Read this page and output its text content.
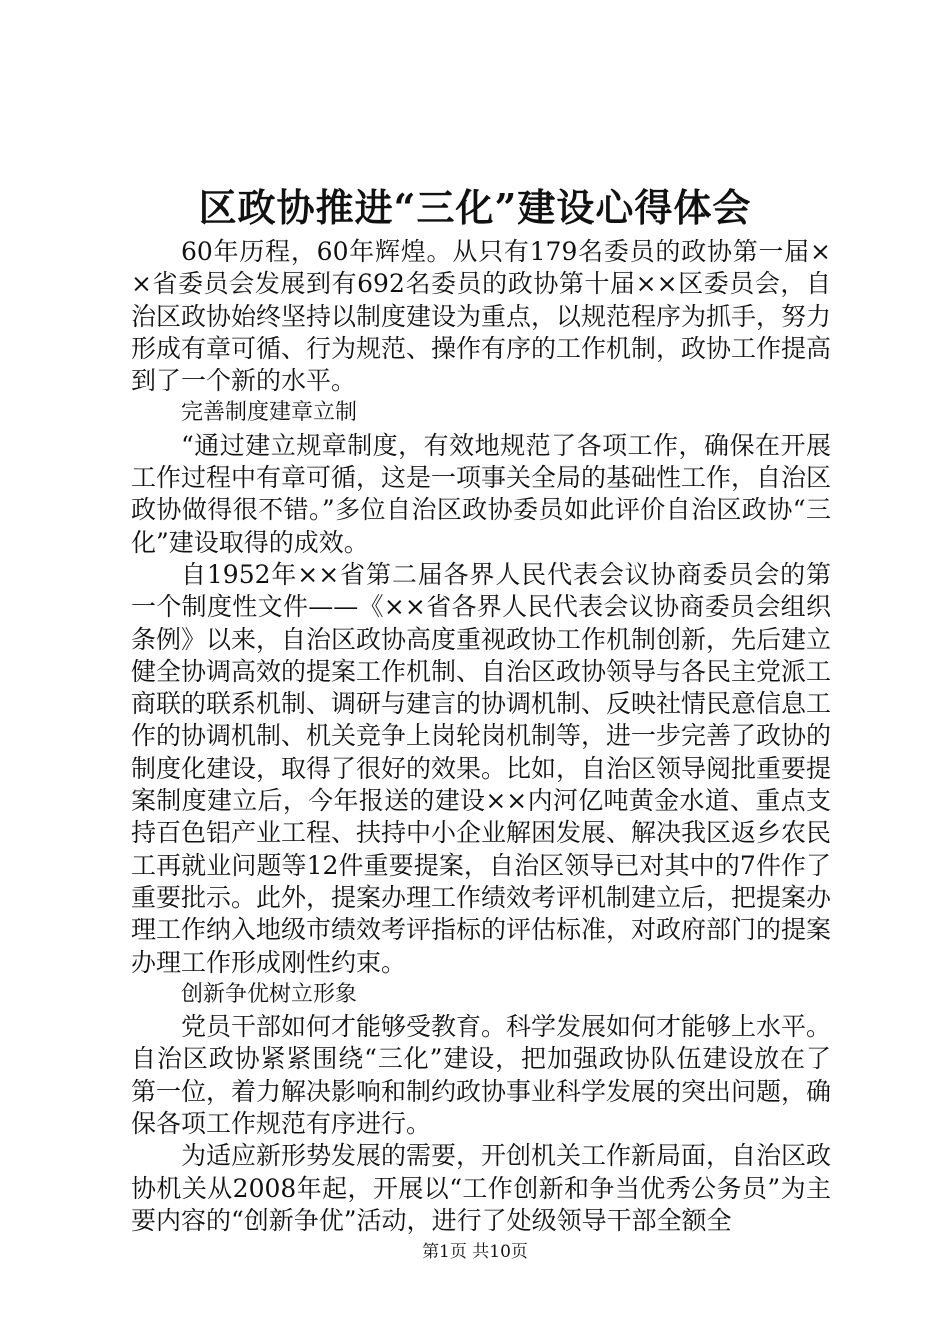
区政协推进“三化”建设心得体会

60年历程，60年辉煌。从只有179名委员的政协第一届××省委员会发展到有692名委员的政协第十届××区委员会，自治区政协始终坚持以制度建设为重点，以规范程序为抓手，努力形成有章可循、行为规范、操作有序的工作机制，政协工作提高到了一个新的水平。

完善制度建章立制

“通过建立规章制度，有效地规范了各项工作，确保在开展工作过程中有章可循，这是一项事关全局的基础性工作，自治区政协做得很不错。”多位自治区政协委员如此评价自治区政协“三化”建设取得的成效。

自1952年××省第二届各界人民代表会议协商委员会的第一个制度性文件——《××省各界人民代表会议协商委员会组织条例》以来，自治区政协高度重视政协工作机制创新，先后建立健全协调高效的提案工作机制、自治区政协领导与各民主党派工商联的联系机制、调研与建言的协调机制、反映社情民意信息工作的协调机制、机关竞争上岗轮岗机制等，进一步完善了政协的制度化建设，取得了很好的效果。比如，自治区领导阅批重要提案制度建立后，今年报送的建设××内河亿吨黄金水道、重点支持百色铝产业工程、扶持中小企业解困发展、解决我区返乡农民工再就业问题等12件重要提案，自治区领导已对其中的7件作了重要批示。此外，提案办理工作绩效考评机制建立后，把提案办理工作纳入地级市绩效考评指标的评估标准，对政府部门的提案办理工作形成刚性约束。

创新争优树立形象

党员干部如何才能够受教育。科学发展如何才能够上水平。自治区政协紧紧围绕“三化”建设，把加强政协队伍建设放在了第一位，着力解决影响和制约政协事业科学发展的突出问题，确保各项工作规范有序进行。

为适应新形势发展的需要，开创机关工作新局面，自治区政协机关从2008年起，开展以“工作创新和争当优秀公务员”为主要内容的“创新争优”活动，进行了处级领导干部全额全

第1页 共10页
